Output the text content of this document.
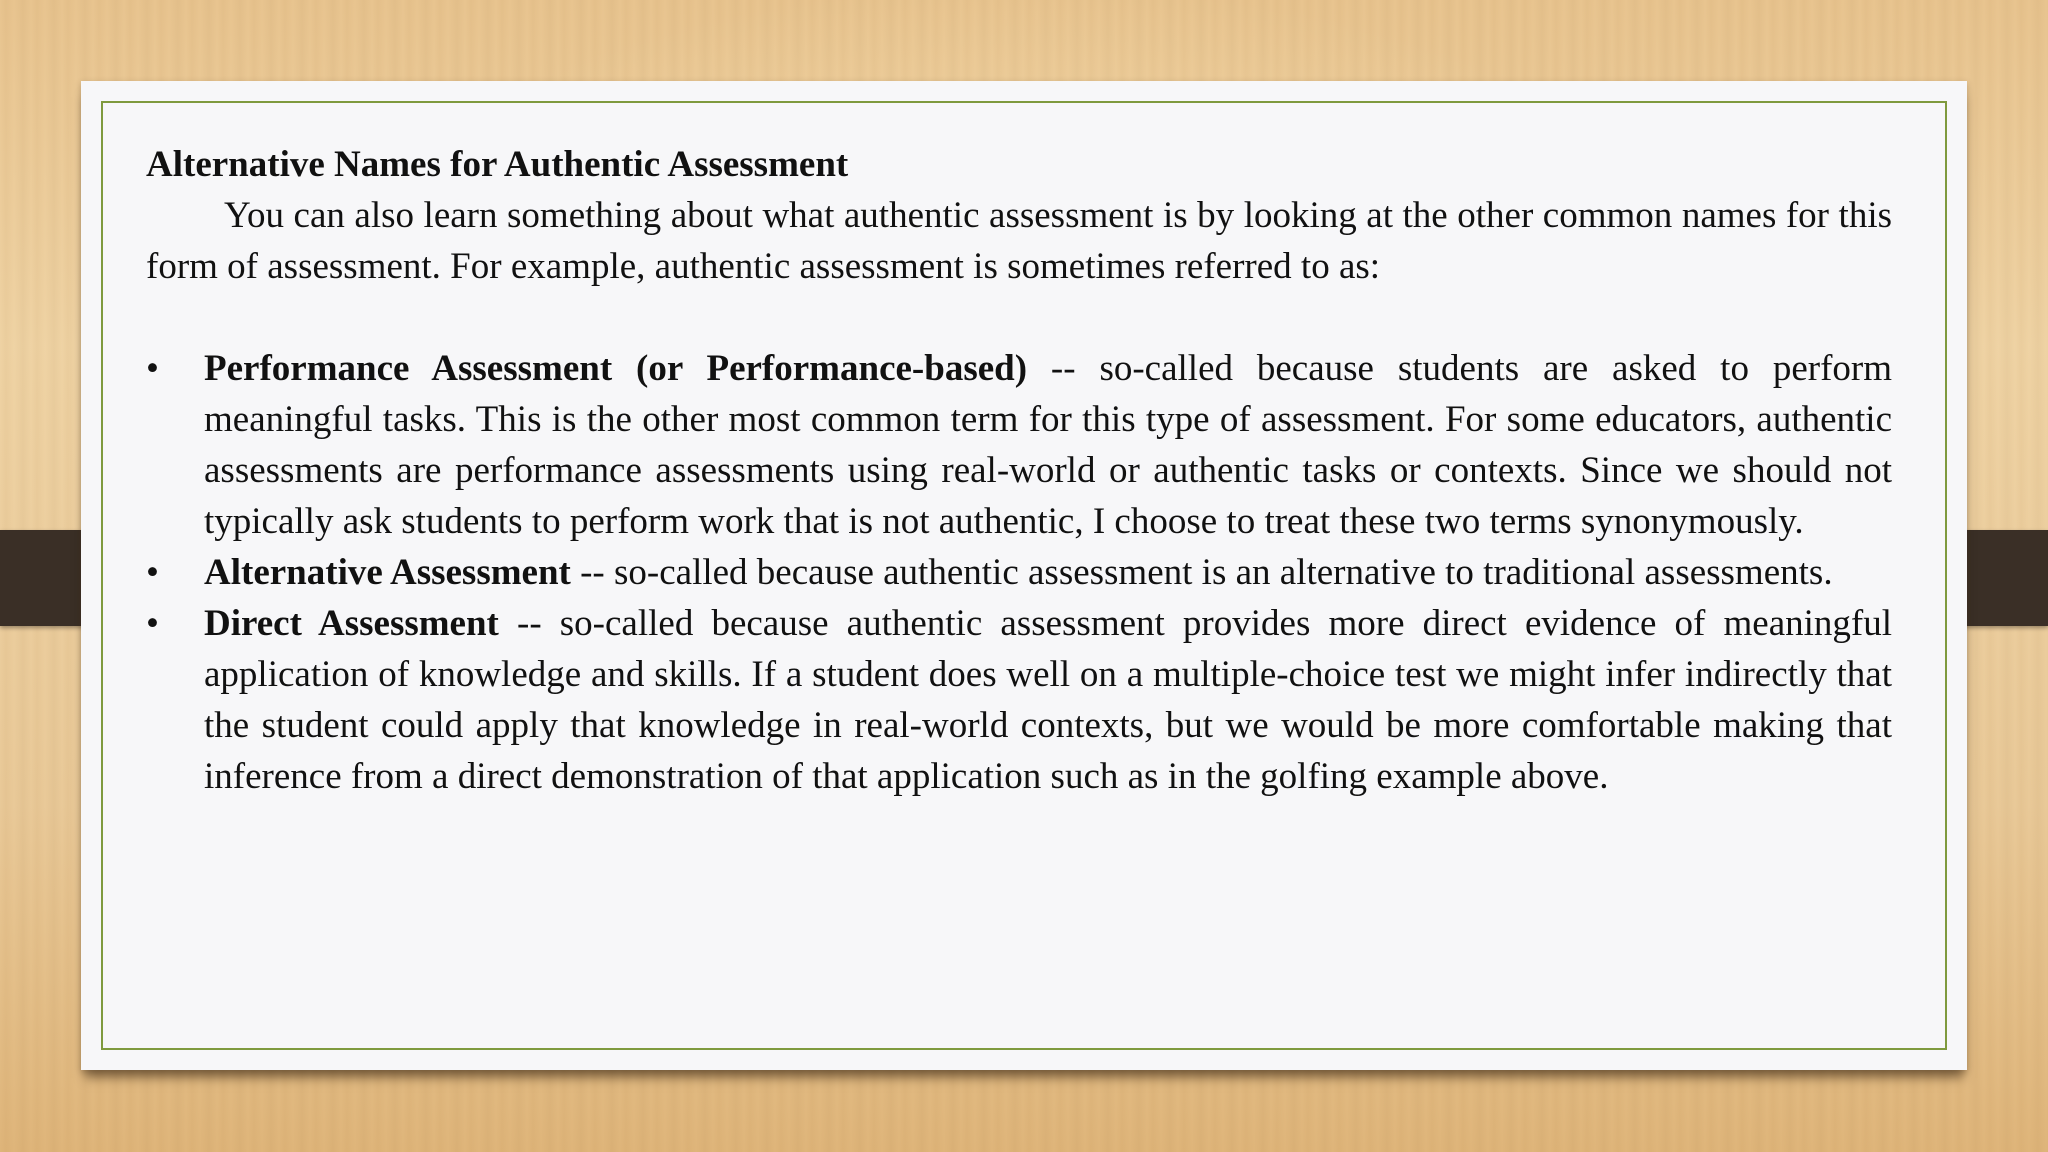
Alternative Names for Authentic Assessment

You can also learn something about what authentic assessment is by looking at the other common names for this form of assessment. For example, authentic assessment is sometimes referred to as:

• Performance Assessment (or Performance-based) -- so-called because students are asked to perform meaningful tasks. This is the other most common term for this type of assessment. For some educators, authentic assessments are performance assessments using real-world or authentic tasks or contexts. Since we should not typically ask students to perform work that is not authentic, I choose to treat these two terms synonymously.
• Alternative Assessment -- so-called because authentic assessment is an alternative to traditional assessments.
• Direct Assessment -- so-called because authentic assessment provides more direct evidence of meaningful application of knowledge and skills. If a student does well on a multiple-choice test we might infer indirectly that the student could apply that knowledge in real-world contexts, but we would be more comfortable making that inference from a direct demonstration of that application such as in the golfing example above.
